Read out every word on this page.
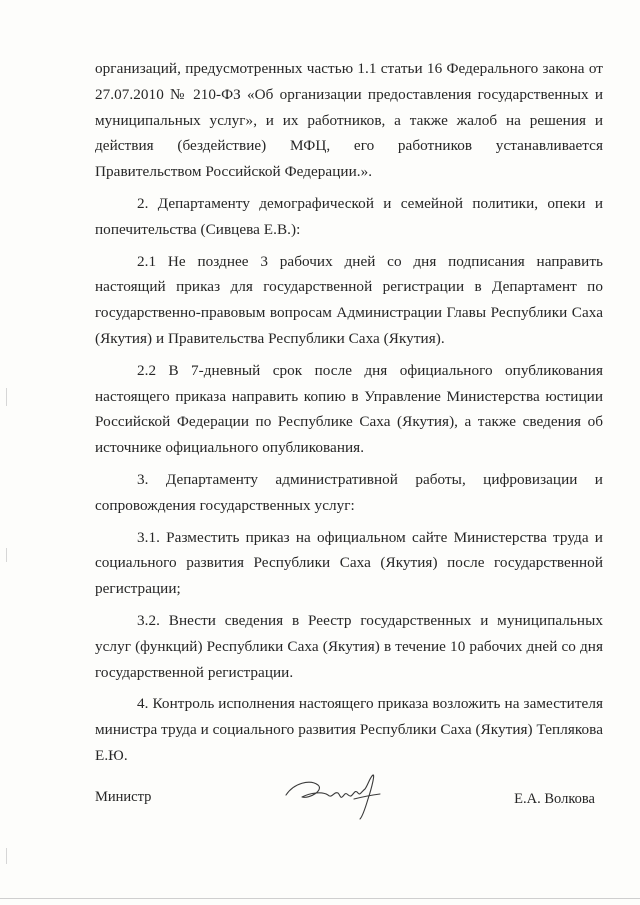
организаций, предусмотренных частью 1.1 статьи 16 Федерального закона от 27.07.2010 № 210-ФЗ «Об организации предоставления государственных и муниципальных услуг», и их работников, а также жалоб на решения и действия (бездействие) МФЦ, его работников устанавливается Правительством Российской Федерации.».

2. Департаменту демографической и семейной политики, опеки и попечительства (Сивцева Е.В.):

2.1 Не позднее 3 рабочих дней со дня подписания направить настоящий приказ для государственной регистрации в Департамент по государственно-правовым вопросам Администрации Главы Республики Саха (Якутия) и Правительства Республики Саха (Якутия).

2.2 В 7-дневный срок после дня официального опубликования настоящего приказа направить копию в Управление Министерства юстиции Российской Федерации по Республике Саха (Якутия), а также сведения об источнике официального опубликования.

3. Департаменту административной работы, цифровизации и сопровождения государственных услуг:

3.1. Разместить приказ на официальном сайте Министерства труда и социального развития Республики Саха (Якутия) после государственной регистрации;

3.2. Внести сведения в Реестр государственных и муниципальных услуг (функций) Республики Саха (Якутия) в течение 10 рабочих дней со дня государственной регистрации.

4. Контроль исполнения настоящего приказа возложить на заместителя министра труда и социального развития Республики Саха (Якутия) Теплякова Е.Ю.

Министр	Е.А. Волкова
